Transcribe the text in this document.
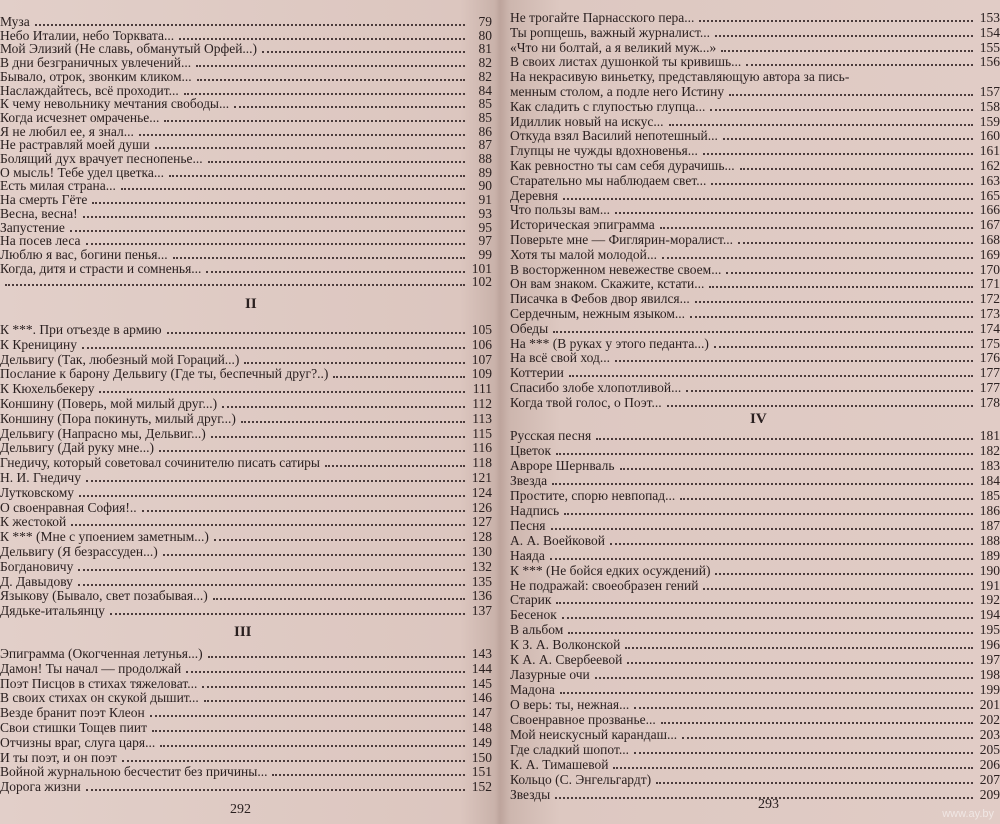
Муза	79
Небо Италии, небо Торквата...	80
Мой Элизий (Не славь, обманутый Орфей...)	81
В дни безграничных увлечений...	82
Бывало, отрок, звонким кликом...	82
Наслаждайтесь, всё проходит...	84
К чему невольнику мечтания свободы...	85
Когда исчезнет омраченье...	85
Я не любил ее, я знал...	86
Не растравляй моей души	87
Болящий дух врачует песнопенье...	88
О мысль! Тебе удел цветка...	89
Есть милая страна...	90
На смерть Гёте	91
Весна, весна!	93
Запустение	95
На посев леса	97
Люблю я вас, богини пенья...	99
Когда, дитя и страсти и сомненья...	101
102
II
К ***. При отъезде в армию	105
К Креницину	106
Дельвигу (Так, любезный мой Гораций...)	107
Послание к барону Дельвигу (Где ты, беспечный друг?..)	109
К Кюхельбекеру	111
Коншину (Поверь, мой милый друг...)	112
Коншину (Пора покинуть, милый друг...)	113
Дельвигу (Напрасно мы, Дельвиг...)	115
Дельвигу (Дай руку мне...)	116
Гнедичу, который советовал сочинителю писать сатиры	118
Н. И. Гнедичу	121
Лутковскому	124
О своенравная София!..	126
К жестокой	127
К *** (Мне с упоением заметным...)	128
Дельвигу (Я безрассуден...)	130
Богдановичу	132
Д. Давыдову	135
Языкову (Бывало, свет позабывая...)	136
Дядьке-итальянцу	137
III
Эпиграмма (Окогченная летунья...)	143
Дамон! Ты начал — продолжай	144
Поэт Писцов в стихах тяжеловат...	145
В своих стихах он скукой дышит...	146
Везде бранит поэт Клеон	147
Свои стишки Тощев пиит	148
Отчизны враг, слуга царя...	149
И ты поэт, и он поэт	150
Войной журнальною бесчестит без причины...	151
Дорога жизни	152
292
Не трогайте Парнасского пера...	153
Ты ропщешь, важный журналист...	154
«Что ни болтай, а я великий муж...»	155
В своих листах душонкой ты кривишь...	156
На некрасивую виньетку, представляющую автора за пись-
менным столом, а подле него Истину	157
Как сладить с глупостью глупца...	158
Идиллик новый на искус...	159
Откуда взял Василий непотешный...	160
Глупцы не чужды вдохновенья...	161
Как ревностно ты сам себя дурачишь...	162
Старательно мы наблюдаем свет...	163
Деревня	165
Что пользы вам...	166
Историческая эпиграмма	167
Поверьте мне — Фиглярин-моралист...	168
Хотя ты малой молодой...	169
В восторженном невежестве своем...	170
Он вам знаком. Скажите, кстати...	171
Писачка в Фебов двор явился...	172
Сердечным, нежным языком...	173
Обеды	174
На *** (В руках у этого педанта...)	175
На всё свой ход...	176
Коттерии	177
Спасибо злобе хлопотливой...	177
Когда твой голос, о Поэт...	178
IV
Русская песня	181
Цветок	182
Авроре Шернваль	183
Звезда	184
Простите, спорю невпопад...	185
Надпись	186
Песня	187
А. А. Воейковой	188
Наяда	189
К *** (Не бойся едких осуждений)	190
Не подражай: своеобразен гений	191
Старик	192
Бесенок	194
В альбом	195
К З. А. Волконской	196
К А. А. Свербеевой	197
Лазурные очи	198
Мадона	199
О верь: ты, нежная...	201
Своенравное прозванье...	202
Мой неискусный карандаш...	203
Где сладкий шопот...	205
К. А. Тимашевой	206
Кольцо (С. Энгельгардт)	207
Звезды	209
293
www.ay.by
